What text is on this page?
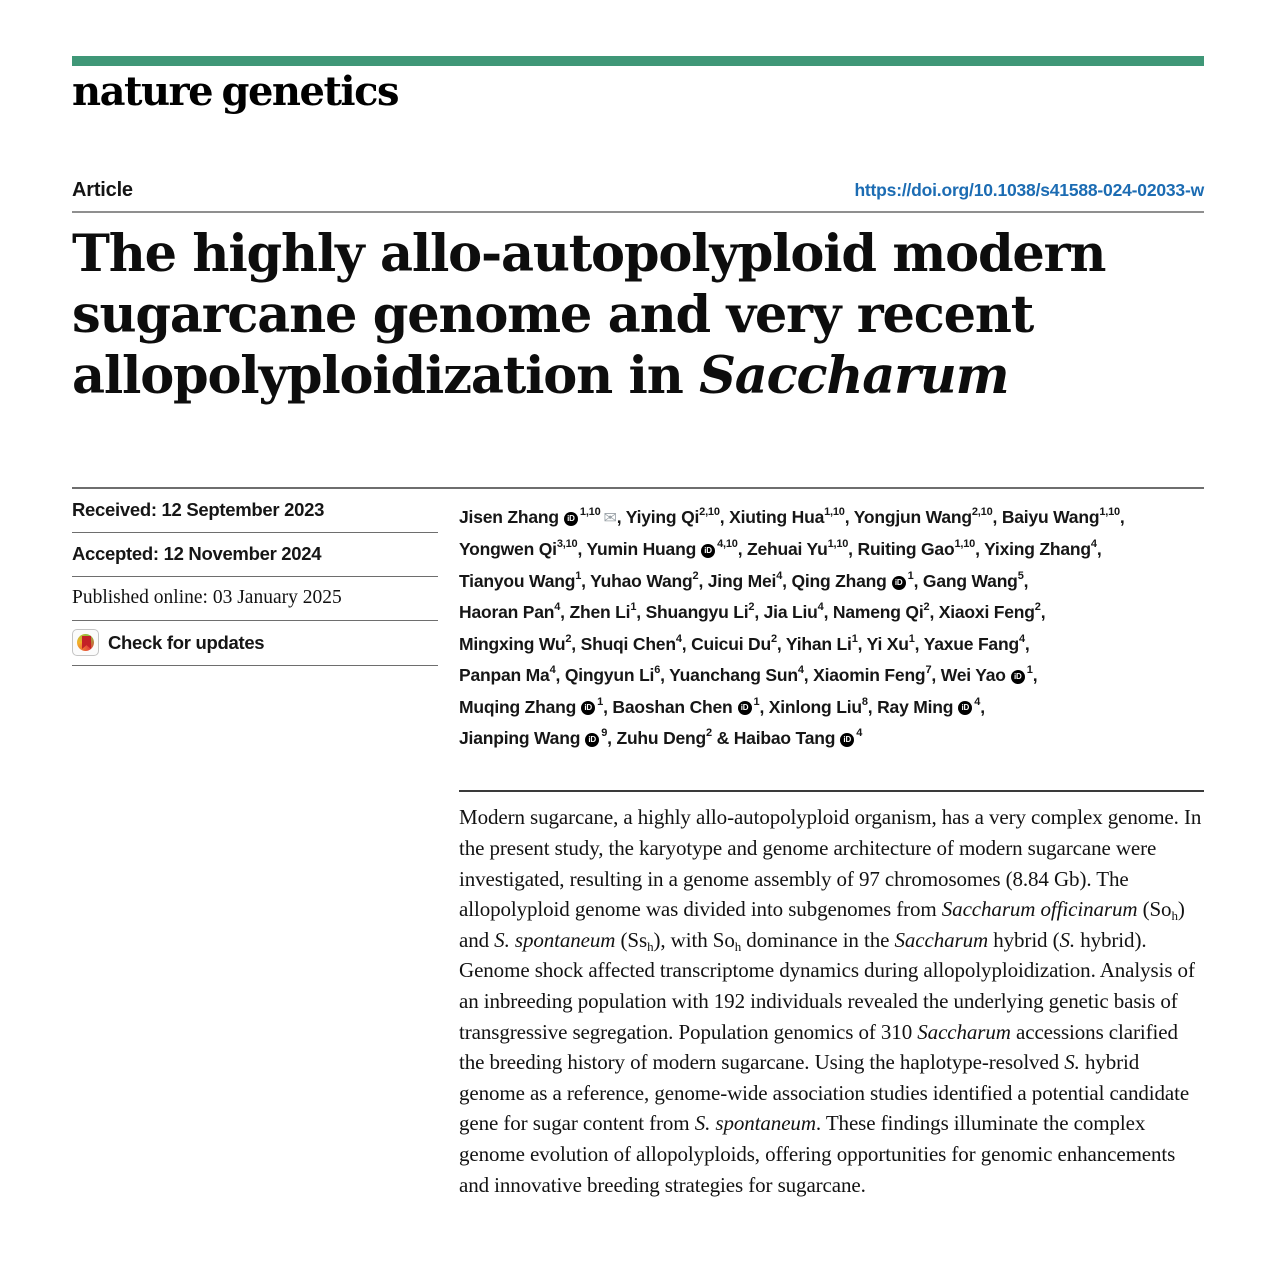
nature genetics
Article	https://doi.org/10.1038/s41588-024-02033-w
The highly allo-autopolyploid modern
sugarcane genome and very recent
allopolyploidization in Saccharum
Received: 12 September 2023
Accepted: 12 November 2024
Published online: 03 January 2025
Check for updates
Jisen Zhang iD$^{1,10}$ ✉, Yiying Qi$^{2,10}$, Xiuting Hua$^{1,10}$, Yongjun Wang$^{2,10}$, Baiyu Wang$^{1,10}$,
Yongwen Qi$^{3,10}$, Yumin Huang iD$^{4,10}$, Zehuai Yu$^{1,10}$, Ruiting Gao$^{1,10}$, Yixing Zhang$^4$,
Tianyou Wang$^1$, Yuhao Wang$^2$, Jing Mei$^4$, Qing Zhang $iD^1$, Gang Wang$^5$,
Haoran Pan$^4$, Zhen Li$^1$, Shuangyu Li$^2$, Jia Liu$^4$, Nameng Qi$^2$, Xiaoxi Feng$^2$,
Mingxing Wu$^2$, Shuqi Chen$^4$, Cuicui Du$^2$, Yihan Li$^1$, Yi Xu$^1$, Yaxue Fang$^4$,
Panpan Ma$^4$, Qingyun Li$^6$, Yuanchang Sun$^4$, Xiaomin Feng$^7$, Wei Yao $iD^1$,
Muqing Zhang $iD^1$, Baoshan Chen $iD^1$, Xinlong Liu$^8$, Ray Ming $iD^4$,
Jianping Wang $iD^9$, Zuhu Deng$^2$ & Haibao Tang $iD^4$

Modern sugarcane, a highly allo-autopolyploid organism, has a very complex genome. In the present study, the karyotype and genome architecture of modern sugarcane were investigated, resulting in a genome assembly of 97 chromosomes (8.84 Gb). The allopolyploid genome was divided into subgenomes from Saccharum officinarum $(So_h)$ and S. spontaneum $(Ss_h)$, with $So_h$ dominance in the Saccharum hybrid (S. hybrid). Genome shock affected transcriptome dynamics during allopolyploidization. Analysis of an inbreeding population with 192 individuals revealed the underlying genetic basis of transgressive segregation. Population genomics of 310 Saccharum accessions clarified the breeding history of modern sugarcane. Using the haplotype-resolved S. hybrid genome as a reference, genome-wide association studies identified a potential candidate gene for sugar content from S. spontaneum. These findings illuminate the complex genome evolution of allopolyploids, offering opportunities for genomic enhancements and innovative breeding strategies for sugarcane.
